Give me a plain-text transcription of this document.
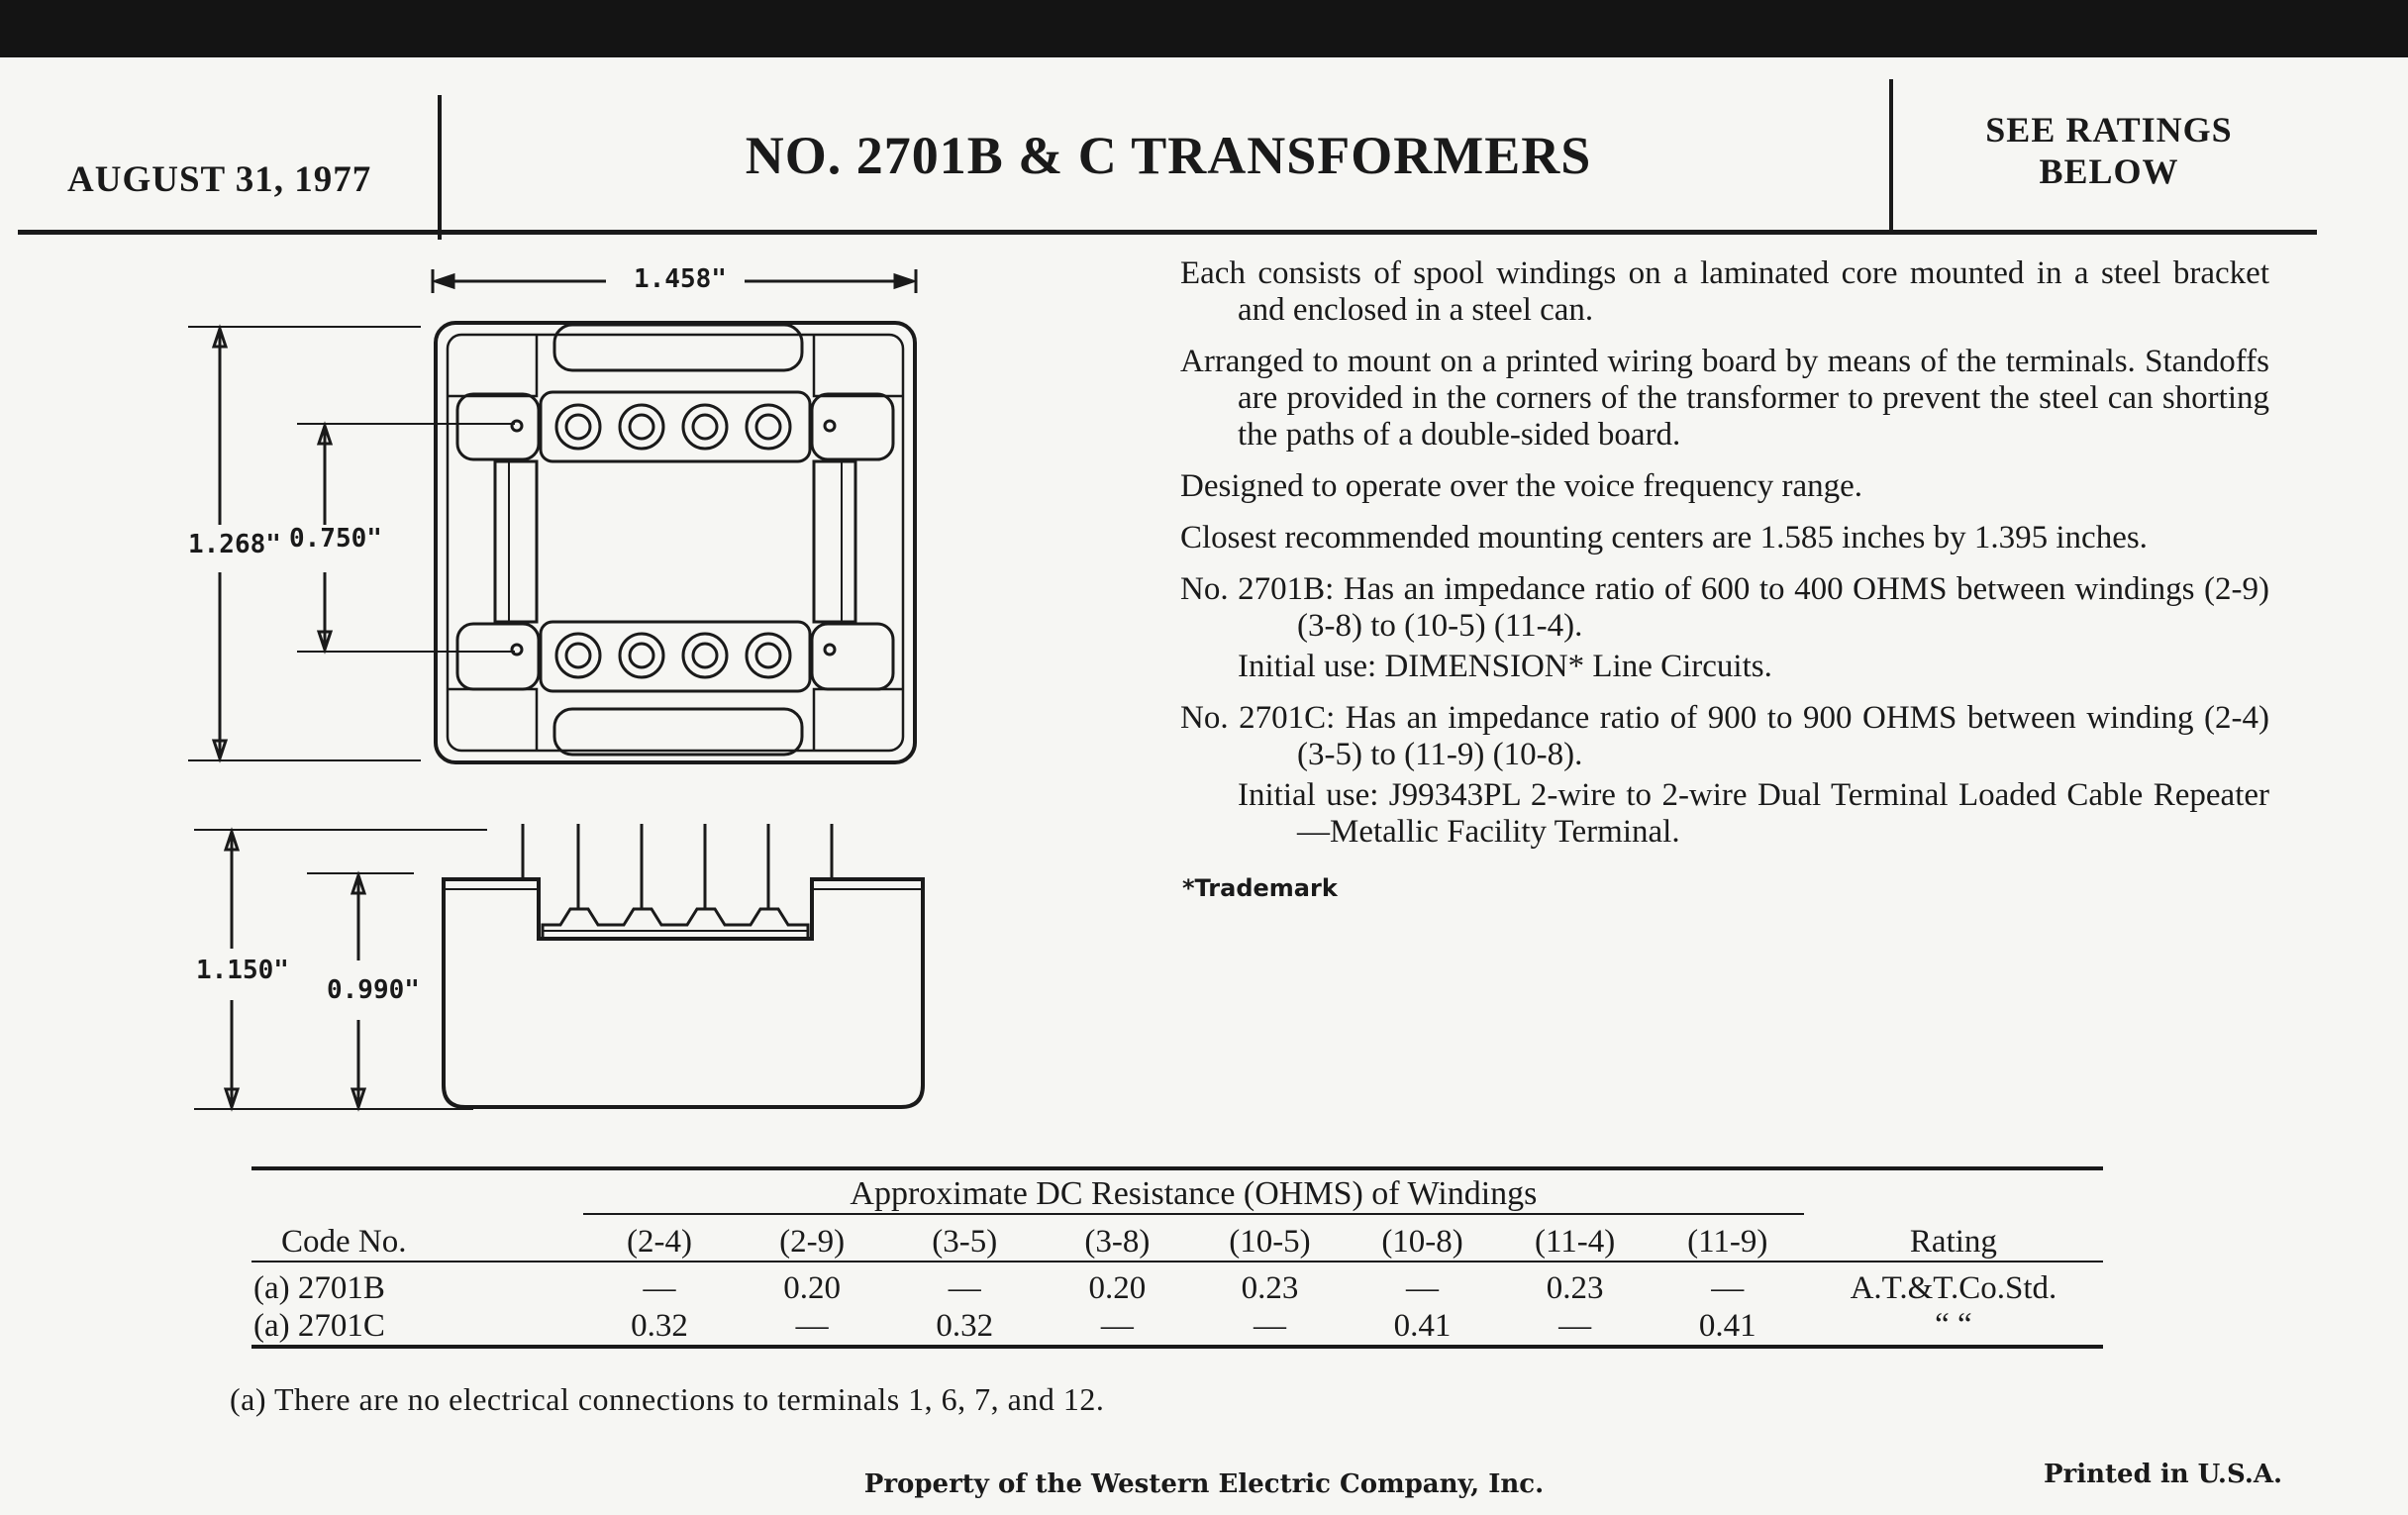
AUGUST 31, 1977	NO. 2701B & C TRANSFORMERS	SEE RATINGS
BELOW
1.458"
1.268" 0.750"
1.150"
0.990"

Each consists of spool windings on a laminated core mounted in a steel bracket and enclosed in a steel can.

Arranged to mount on a printed wiring board by means of the terminals. Standoffs are provided in the corners of the transformer to prevent the steel can shorting the paths of a double-sided board.

Designed to operate over the voice frequency range.

Closest recommended mounting centers are 1.585 inches by 1.395 inches.

No. 2701B: Has an impedance ratio of 600 to 400 OHMS between windings (2-9) (3-8) to (10-5) (11-4).

Initial use: DIMENSION* Line Circuits.

No. 2701C: Has an impedance ratio of 900 to 900 OHMS between winding (2-4) (3-5) to (11-9) (10-8).

Initial use: J99343PL 2-wire to 2-wire Dual Terminal Loaded Cable Repeater—Metallic Facility Terminal.

*Trademark

	Approximate DC Resistance (OHMS) of Windings								
Code No.	(2-4)	(2-9)	(3-5)	(3-8)	(10-5)	(10-8)	(11-4)	(11-9)	Rating
(a) 2701B	—	0.20	—	0.20	0.23	—	0.23	—	A.T.&T.Co.Std.
(a) 2701C	0.32	—	0.32	—	—	0.41	—	0.41	“ “
(a) There are no electrical connections to terminals 1, 6, 7, and 12.
Property of the Western Electric Company, Inc.	Printed in U.S.A.
